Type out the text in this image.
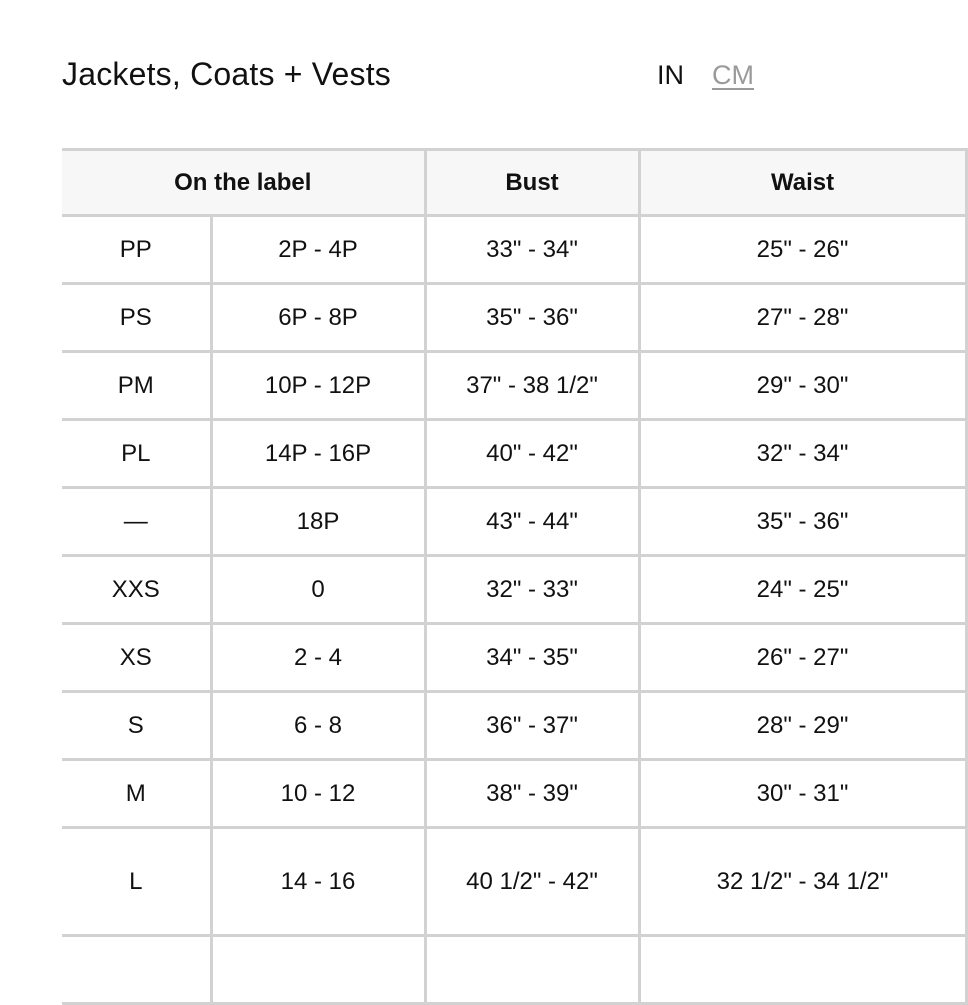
Jackets, Coats + Vests	IN CM
On the label		Bust	Waist
PP	2P - 4P	33" - 34"	25" - 26"
PS	6P - 8P	35" - 36"	27" - 28"
PM	10P - 12P	37" - 38 1/2"	29" - 30"
PL	14P - 16P	40" - 42"	32" - 34"
—	18P	43" - 44"	35" - 36"
XXS	0	32" - 33"	24" - 25"
XS	2 - 4	34" - 35"	26" - 27"
S	6 - 8	36" - 37"	28" - 29"
M	10 - 12	38" - 39"	30" - 31"
L	14 - 16	40 1/2" - 42"	32 1/2" - 34 1/2"
